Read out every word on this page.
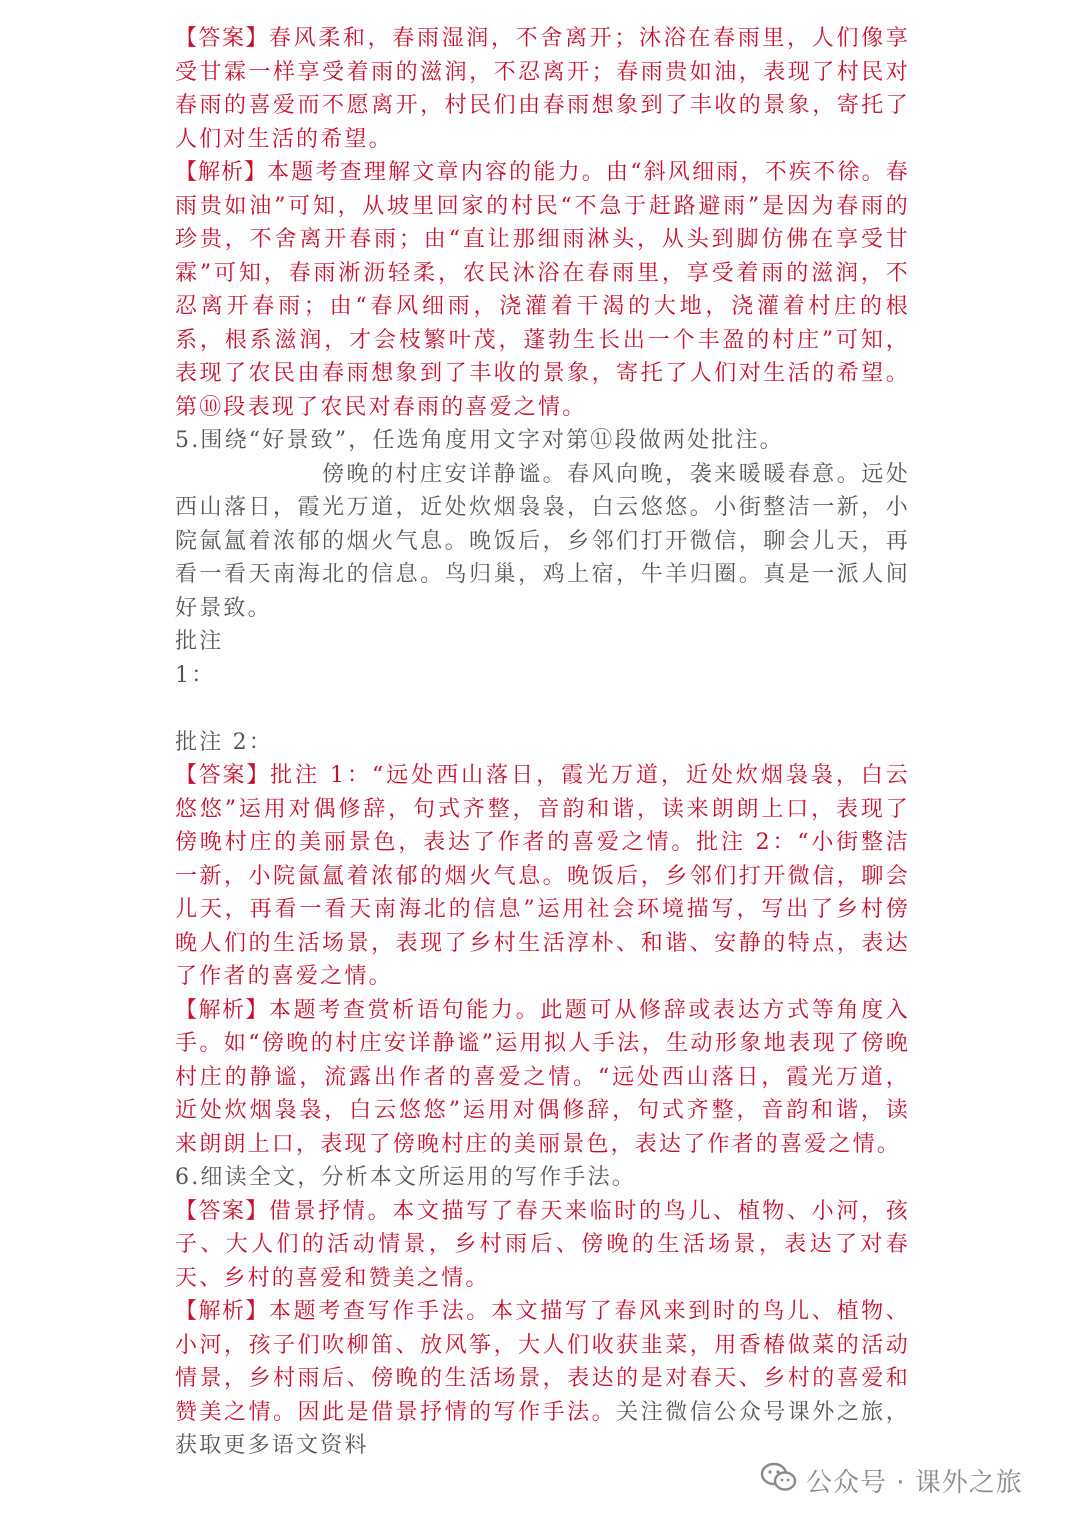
【答案】春风柔和，春雨湿润，不舍离开；沐浴在春雨里，人们像享受甘霖一样享受着雨的滋润，不忍离开；春雨贵如油，表现了村民对春雨的喜爱而不愿离开，村民们由春雨想象到了丰收的景象，寄托了人们对生活的希望。

【解析】本题考查理解文章内容的能力。由“斜风细雨，不疾不徐。春雨贵如油”可知，从坡里回家的村民“不急于赶路避雨”是因为春雨的珍贵，不舍离开春雨；由“直让那细雨淋头，从头到脚仿佛在享受甘霖”可知，春雨淅沥轻柔，农民沐浴在春雨里，享受着雨的滋润，不忍离开春雨；由“春风细雨，浇灌着干渴的大地，浇灌着村庄的根系，根系滋润，才会枝繁叶茂，蓬勃生长出一个丰盈的村庄”可知，表现了农民由春雨想象到了丰收的景象，寄托了人们对生活的希望。第⑩段表现了农民对春雨的喜爱之情。

5.围绕“好景致”，任选角度用文字对第⑪段做两处批注。

傍晚的村庄安详静谧。春风向晚，袭来暖暖春意。远处西山落日，霞光万道，近处炊烟袅袅，白云悠悠。小街整洁一新，小院氤氲着浓郁的烟火气息。晚饭后，乡邻们打开微信，聊会儿天，再看一看天南海北的信息。鸟归巢，鸡上宿，牛羊归圈。真是一派人间好景致。

批注

1：

批注 2：

【答案】批注 1：“远处西山落日，霞光万道，近处炊烟袅袅，白云悠悠”运用对偶修辞，句式齐整，音韵和谐，读来朗朗上口，表现了傍晚村庄的美丽景色，表达了作者的喜爱之情。批注 2：“小街整洁一新，小院氤氲着浓郁的烟火气息。晚饭后，乡邻们打开微信，聊会儿天，再看一看天南海北的信息”运用社会环境描写，写出了乡村傍晚人们的生活场景，表现了乡村生活淳朴、和谐、安静的特点，表达了作者的喜爱之情。

【解析】本题考查赏析语句能力。此题可从修辞或表达方式等角度入手。如“傍晚的村庄安详静谧”运用拟人手法，生动形象地表现了傍晚村庄的静谧，流露出作者的喜爱之情。“远处西山落日，霞光万道，近处炊烟袅袅，白云悠悠”运用对偶修辞，句式齐整，音韵和谐，读来朗朗上口，表现了傍晚村庄的美丽景色，表达了作者的喜爱之情。

6.细读全文，分析本文所运用的写作手法。

【答案】借景抒情。本文描写了春天来临时的鸟儿、植物、小河，孩子、大人们的活动情景，乡村雨后、傍晚的生活场景，表达了对春天、乡村的喜爱和赞美之情。

【解析】本题考查写作手法。本文描写了春风来到时的鸟儿、植物、小河，孩子们吹柳笛、放风筝，大人们收获韭菜，用香椿做菜的活动情景，乡村雨后、傍晚的生活场景，表达的是对春天、乡村的喜爱和赞美之情。因此是借景抒情的写作手法。关注微信公众号课外之旅，获取更多语文资料

公众号 · 课外之旅
